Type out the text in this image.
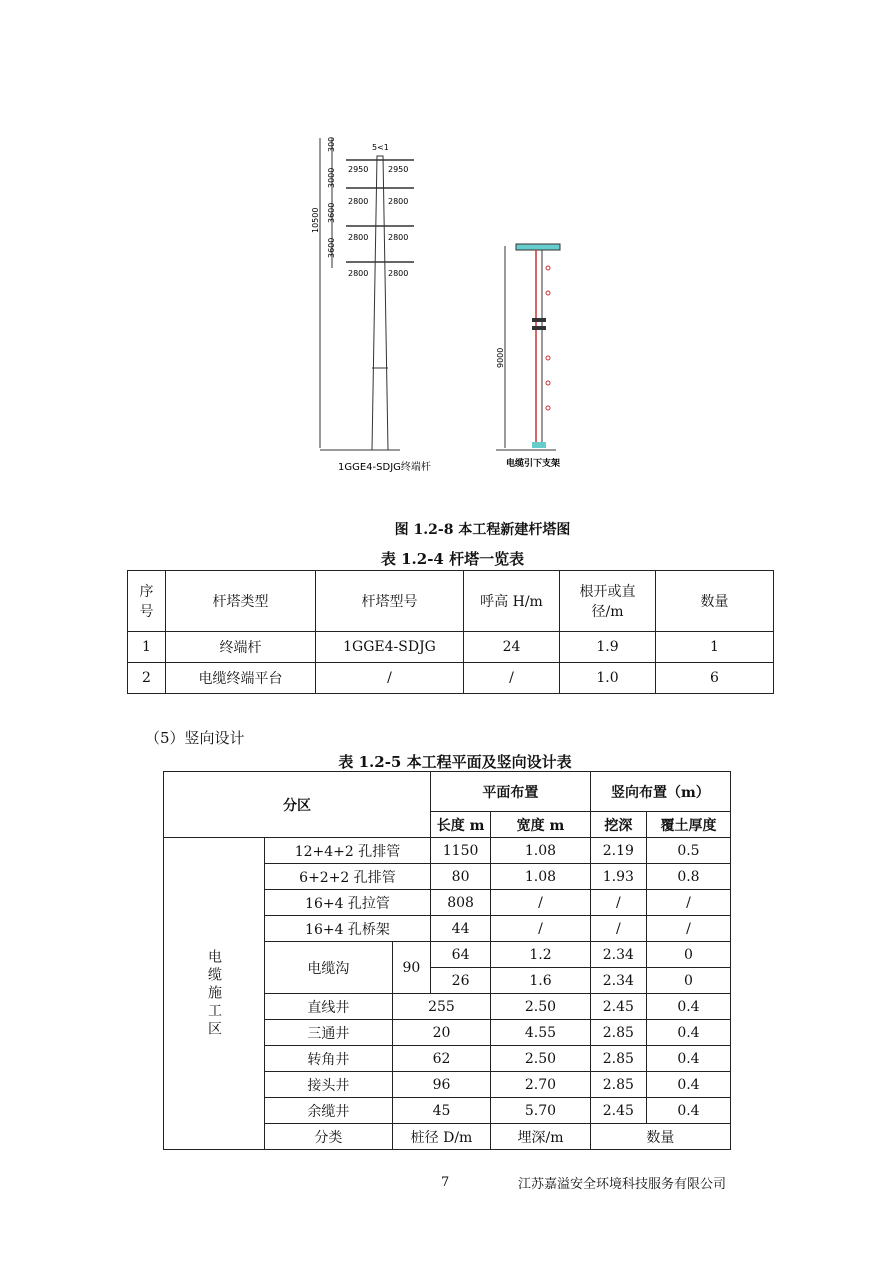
300
3000
3600
3600
10500
5<1
2950 2950
2800 2800
2800 2800
2800 2800
1GGE4-SDJG终端杆
9000
电缆引下支架
图 1.2-8 本工程新建杆塔图
表 1.2-4 杆塔一览表
序号	杆塔类型	杆塔型号	呼高 H/m	根开或直径/m	数量
1	终端杆	1GGE4-SDJG	24	1.9	1
2	电缆终端平台	/	/	1.0	6
（5）竖向设计
表 1.2-5 本工程平面及竖向设计表
分区			平面布置		竖向布置（m）	
			长度 m	宽度 m	挖深	覆土厚度
电缆施工区	12+4+2 孔排管		1150	1.08	2.19	0.5
	6+2+2 孔排管		80	1.08	1.93	0.8
	16+4 孔拉管		808	/	/	/
	16+4 孔桥架		44	/	/	/
	电缆沟	90	64	1.2	2.34	0
			26	1.6	2.34	0
	直线井	255		2.50	2.45	0.4
	三通井	20		4.55	2.85	0.4
	转角井	62		2.50	2.85	0.4
	接头井	96		2.70	2.85	0.4
	余缆井	45		5.70	2.45	0.4
	分类	桩径 D/m		埋深/m	数量	
7	江苏嘉溢安全环境科技服务有限公司
